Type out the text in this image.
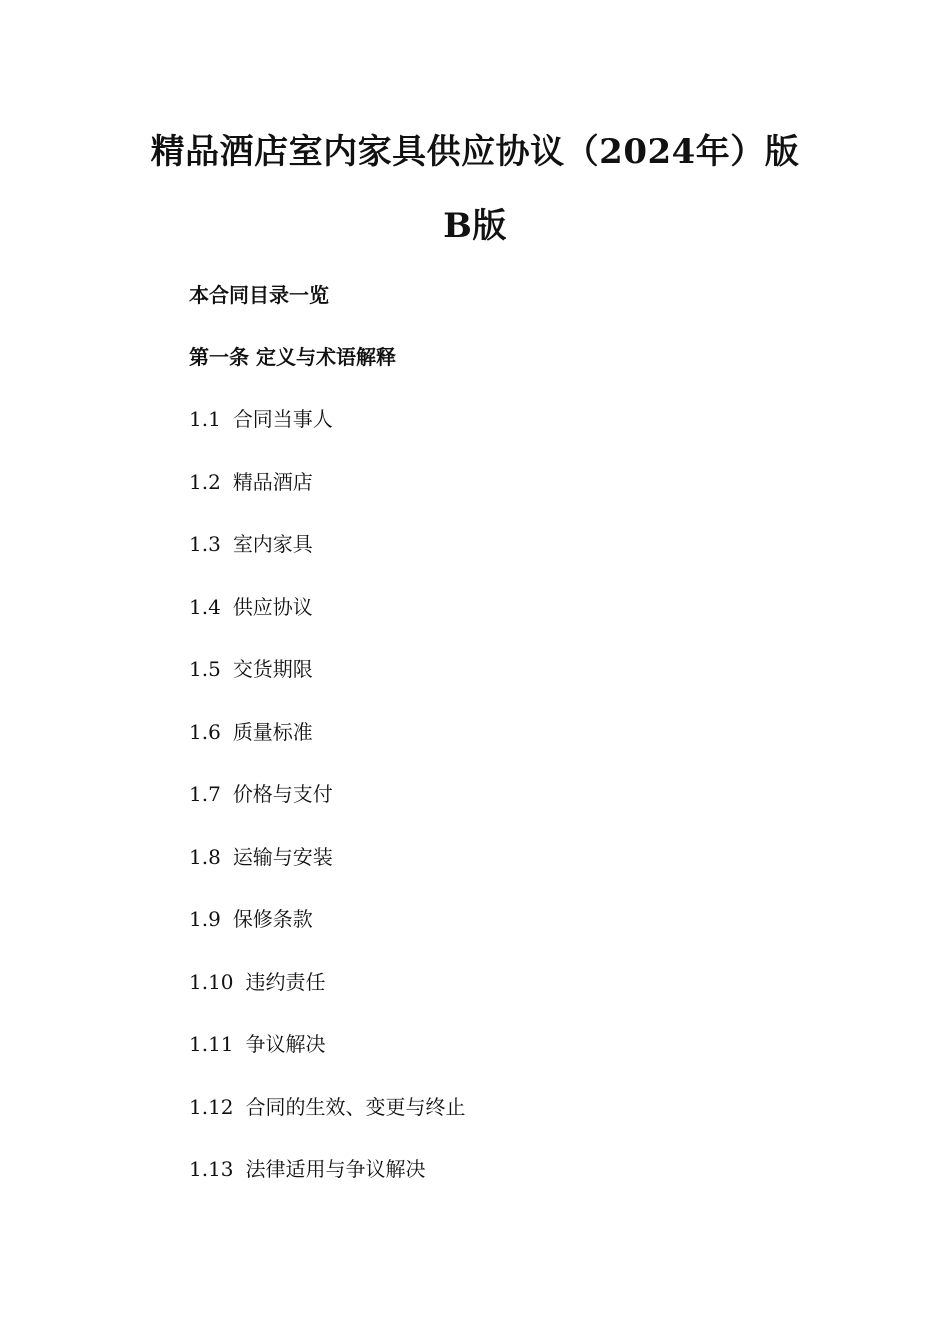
精品酒店室内家具供应协议（2024年）版
B版
本合同目录一览
第一条 定义与术语解释
1.1 合同当事人
1.2 精品酒店
1.3 室内家具
1.4 供应协议
1.5 交货期限
1.6 质量标准
1.7 价格与支付
1.8 运输与安装
1.9 保修条款
1.10 违约责任
1.11 争议解决
1.12 合同的生效、变更与终止
1.13 法律适用与争议解决
